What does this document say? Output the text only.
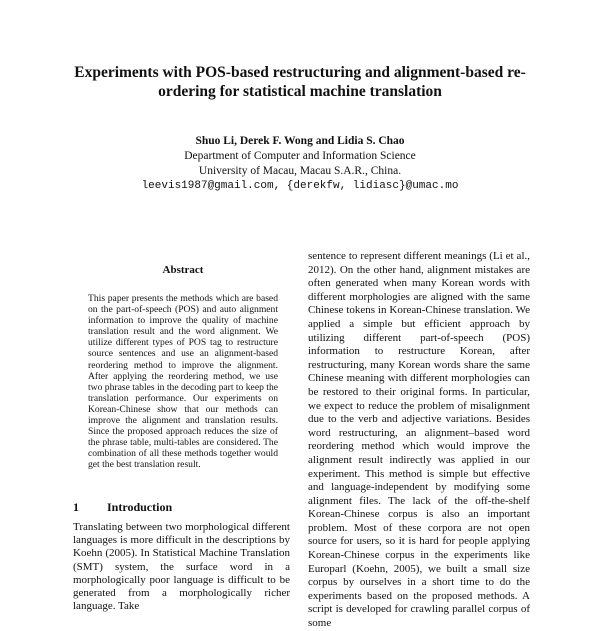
Experiments with POS-based restructuring and alignment-based re-
ordering for statistical machine translation
Shuo Li, Derek F. Wong and Lidia S. Chao
Department of Computer and Information Science
University of Macau, Macau S.A.R., China.
leevis1987@gmail.com, {derekfw, lidiasc}@umac.mo
Abstract

This paper presents the methods which are based on the part-of-speech (POS) and auto alignment information to improve the quality of machine translation result and the word alignment. We utilize different types of POS tag to restructure source sentences and use an alignment-based reordering method to improve the alignment. After applying the reordering method, we use two phrase tables in the decoding part to keep the translation performance. Our experiments on Korean-Chinese show that our methods can improve the alignment and translation results. Since the proposed approach reduces the size of the phrase table, multi-tables are considered. The combination of all these methods together would get the best translation result.

1 Introduction

Translating between two morphological different languages is more difficult in the descriptions by Koehn (2005). In Statistical Machine Translation (SMT) system, the surface word in a morphologically poor language is difficult to be generated from a morphologically richer language. Take

sentence to represent different meanings (Li et al., 2012). On the other hand, alignment mistakes are often generated when many Korean words with different morphologies are aligned with the same Chinese tokens in Korean-Chinese translation. We applied a simple but efficient approach by utilizing different part-of-speech (POS) information to restructure Korean, after restructuring, many Korean words share the same Chinese meaning with different morphologies can be restored to their original forms. In particular, we expect to reduce the problem of misalignment due to the verb and adjective variations. Besides word restructuring, an alignment–based word reordering method which would improve the alignment result indirectly was applied in our experiment. This method is simple but effective and language-independent by modifying some alignment files. The lack of the off-the-shelf Korean-Chinese corpus is also an important problem. Most of these corpora are not open source for users, so it is hard for people applying Korean-Chinese corpus in the experiments like Europarl (Koehn, 2005), we built a small size corpus by ourselves in a short time to do the experiments based on the proposed methods. A script is developed for crawling parallel corpus of some
